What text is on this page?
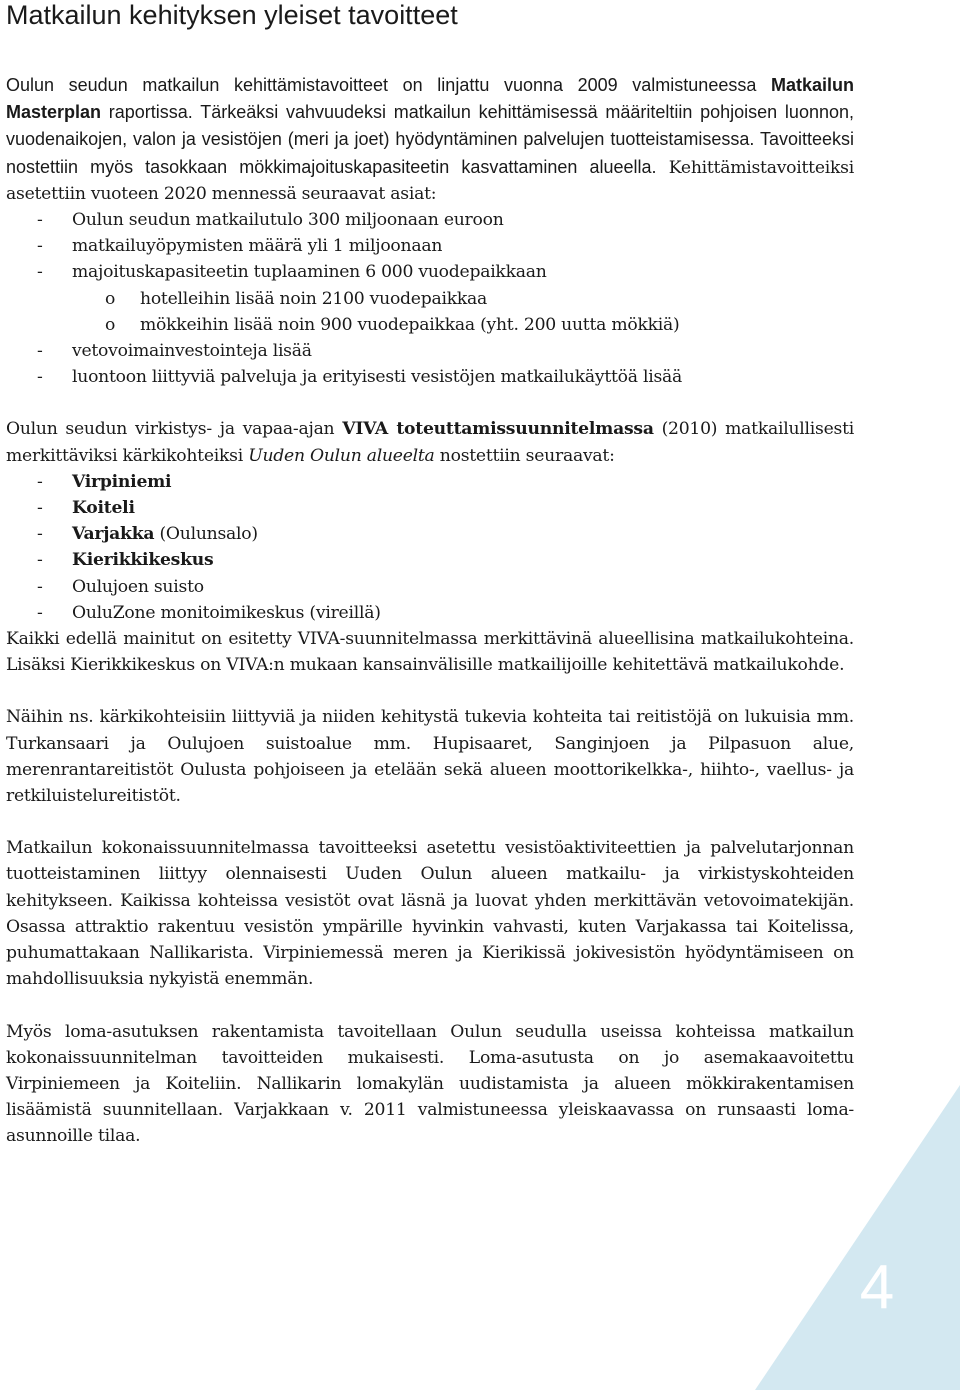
Matkailun kehityksen yleiset tavoitteet

Oulun seudun matkailun kehittämistavoitteet on linjattu vuonna 2009 valmistuneessa Matkailun Masterplan raportissa. Tärkeäksi vahvuudeksi matkailun kehittämisessä määriteltiin pohjoisen luonnon, vuodenaikojen, valon ja vesistöjen (meri ja joet) hyödyntäminen palvelujen tuotteistamisessa. Tavoitteeksi nostettiin myös tasokkaan mökkimajoituskapasiteetin kasvattaminen alueella. Kehittämistavoitteiksi asetettiin vuoteen 2020 mennessä seuraavat asiat:

- Oulun seudun matkailutulo 300 miljoonaan euroon
- matkailuyöpymisten määrä yli 1 miljoonaan
- majoituskapasiteetin tuplaaminen 6 000 vuodepaikkaan
o hotelleihin lisää noin 2100 vuodepaikkaa
o mökkeihin lisää noin 900 vuodepaikkaa (yht. 200 uutta mökkiä)
- vetovoimainvestointeja lisää
- luontoon liittyviä palveluja ja erityisesti vesistöjen matkailukäyttöä lisää

Oulun seudun virkistys- ja vapaa-ajan VIVA toteuttamissuunnitelmassa (2010) matkailullisesti merkittäviksi kärkikohteiksi Uuden Oulun alueelta nostettiin seuraavat:

- Virpiniemi
- Koiteli
- Varjakka (Oulunsalo)
- Kierikkikeskus
- Oulujoen suisto
- OuluZone monitoimikeskus (vireillä)

Kaikki edellä mainitut on esitetty VIVA-suunnitelmassa merkittävinä alueellisina matkailukohteina. Lisäksi Kierikkikeskus on VIVA:n mukaan kansainvälisille matkailijoille kehitettävä matkailukohde.

Näihin ns. kärkikohteisiin liittyviä ja niiden kehitystä tukevia kohteita tai reitistöjä on lukuisia mm. Turkansaari ja Oulujoen suistoalue mm. Hupisaaret, Sanginjoen ja Pilpasuon alue, merenrantareitistöt Oulusta pohjoiseen ja etelään sekä alueen moottorikelkka-, hiihto-, vaellus- ja retkiluistelureitistöt.

Matkailun kokonaissuunnitelmassa tavoitteeksi asetettu vesistöaktiviteettien ja palvelutarjonnan tuotteistaminen liittyy olennaisesti Uuden Oulun alueen matkailu- ja virkistyskohteiden kehitykseen. Kaikissa kohteissa vesistöt ovat läsnä ja luovat yhden merkittävän vetovoimatekijän. Osassa attraktio rakentuu vesistön ympärille hyvinkin vahvasti, kuten Varjakassa tai Koitelissa, puhumattakaan Nallikarista. Virpiniemessä meren ja Kierikissä jokivesistön hyödyntämiseen on mahdollisuuksia nykyistä enemmän.

Myös loma-asutuksen rakentamista tavoitellaan Oulun seudulla useissa kohteissa matkailun kokonaissuunnitelman tavoitteiden mukaisesti. Loma-asutusta on jo asemakaavoitettu Virpiniemeen ja Koiteliin. Nallikarin lomakylän uudistamista ja alueen mökkirakentamisen lisäämistä suunnitellaan. Varjakkaan v. 2011 valmistuneessa yleiskaavassa on runsaasti loma-asunnoille tilaa.

4
